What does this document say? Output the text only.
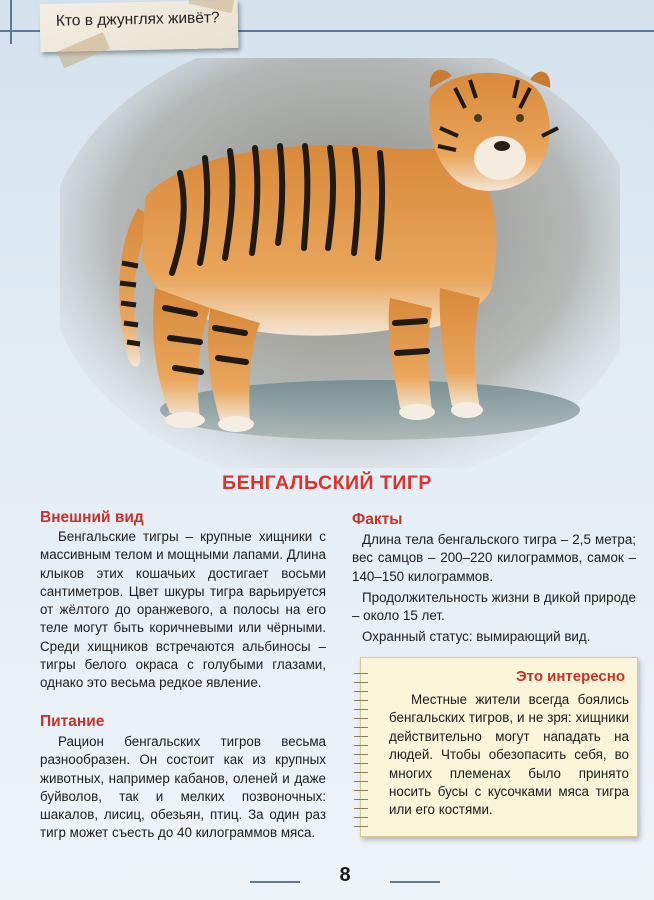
Кто в джунглях живёт?
БЕНГАЛЬСКИЙ ТИГР
Внешний вид

Бенгальские тигры – крупные хищники с массивным телом и мощными лапами. Длина клыков этих кошачьих достигает восьми сантиметров. Цвет шкуры тигра варьируется от жёлтого до оранжевого, а полосы на его теле могут быть коричневыми или чёрными. Среди хищников встречаются альбиносы – тигры белого окраса с голубыми глазами, однако это весьма редкое явление.

Питание

Рацион бенгальских тигров весьма разнообразен. Он состоит как из крупных животных, например кабанов, оленей и даже буйволов, так и мелких позвоночных: шакалов, лисиц, обезьян, птиц. За один раз тигр может съесть до 40 килограммов мяса.

Факты

Длина тела бенгальского тигра – 2,5 метра; вес самцов – 200–220 килограммов, самок – 140–150 килограммов.

Продолжительность жизни в дикой природе – около 15 лет.

Охранный статус: вымирающий вид.

Это интересно

Местные жители всегда боялись бенгальских тигров, и не зря: хищники действительно могут нападать на людей. Чтобы обезопасить себя, во многих племенах было принято носить бусы с кусочками мяса тигра или его костями.

8
